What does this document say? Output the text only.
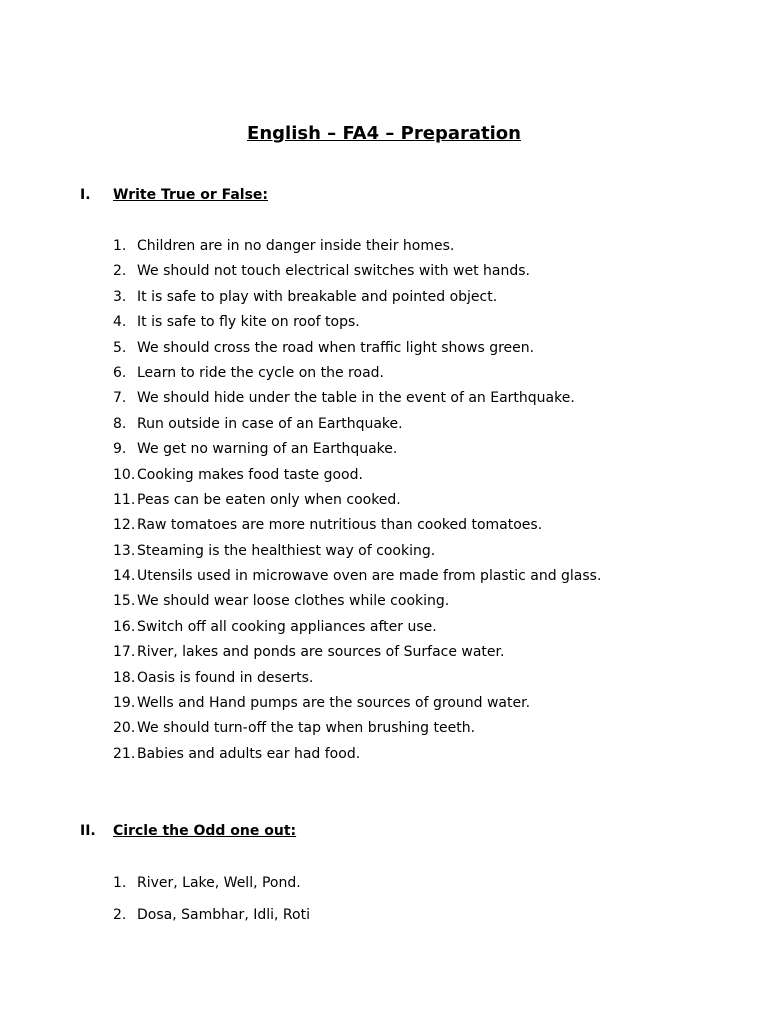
English – FA4 – Preparation
I. Write True or False:
1. Children are in no danger inside their homes.
2. We should not touch electrical switches with wet hands.
3. It is safe to play with breakable and pointed object.
4. It is safe to fly kite on roof tops.
5. We should cross the road when traffic light shows green.
6. Learn to ride the cycle on the road.
7. We should hide under the table in the event of an Earthquake.
8. Run outside in case of an Earthquake.
9. We get no warning of an Earthquake.
10. Cooking makes food taste good.
11. Peas can be eaten only when cooked.
12. Raw tomatoes are more nutritious than cooked tomatoes.
13. Steaming is the healthiest way of cooking.
14. Utensils used in microwave oven are made from plastic and glass.
15. We should wear loose clothes while cooking.
16. Switch off all cooking appliances after use.
17. River, lakes and ponds are sources of Surface water.
18. Oasis is found in deserts.
19. Wells and Hand pumps are the sources of ground water.
20. We should turn-off the tap when brushing teeth.
21. Babies and adults ear had food.
II. Circle the Odd one out:
1. River, Lake, Well, Pond.
2. Dosa, Sambhar, Idli, Roti
